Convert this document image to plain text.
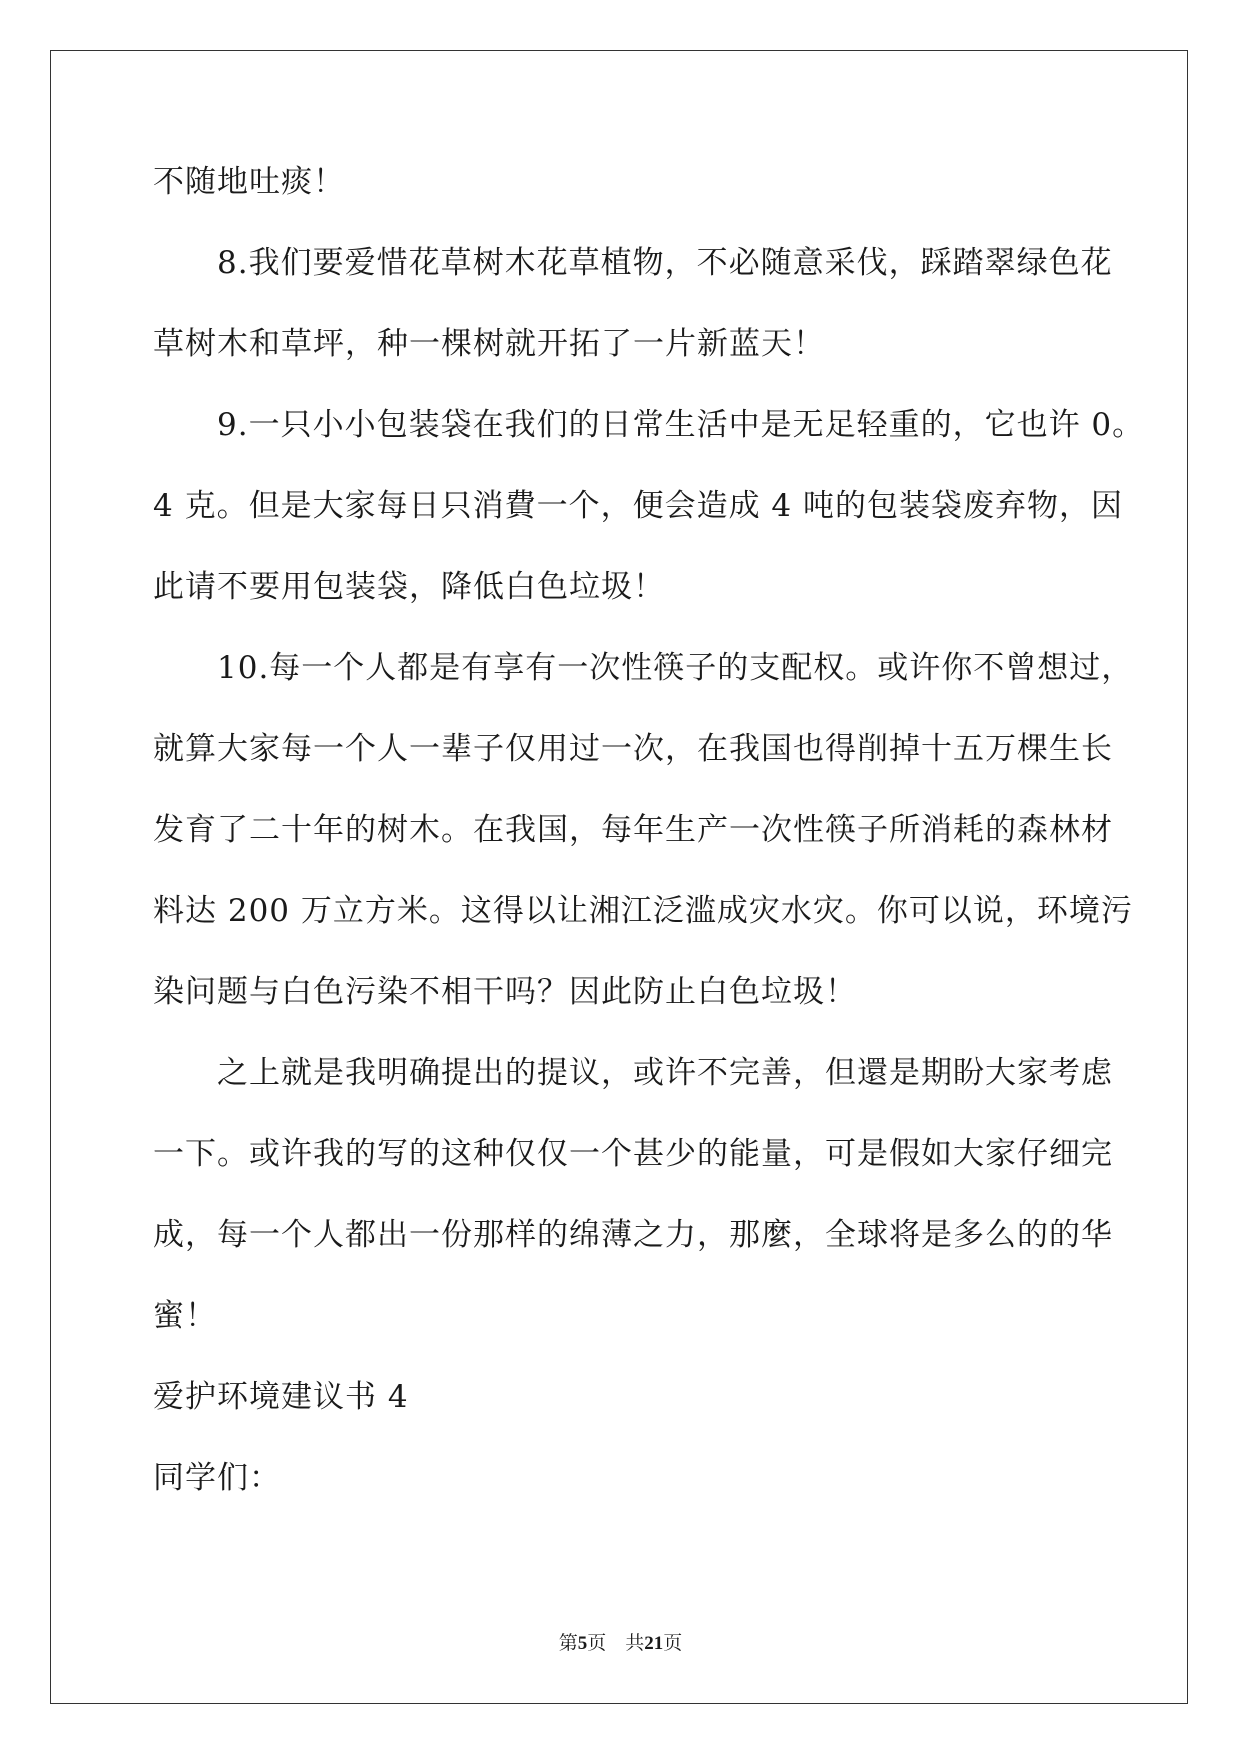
不随地吐痰！
　　8.我们要爱惜花草树木花草植物，不必随意采伐，踩踏翠绿色花
草树木和草坪，种一棵树就开拓了一片新蓝天！
　　9.一只小小包装袋在我们的日常生活中是无足轻重的，它也许 0。
4 克。但是大家每日只消費一个，便会造成 4 吨的包装袋废弃物，因
此请不要用包装袋，降低白色垃圾！
　　10.每一个人都是有享有一次性筷子的支配权。或许你不曾想过，
就算大家每一个人一辈子仅用过一次，在我国也得削掉十五万棵生长
发育了二十年的树木。在我国，每年生产一次性筷子所消耗的森林材
料达 200 万立方米。这得以让湘江泛滥成灾水灾。你可以说，环境污
染问题与白色污染不相干吗？因此防止白色垃圾！
　　之上就是我明确提出的提议，或许不完善，但還是期盼大家考虑
一下。或许我的写的这种仅仅一个甚少的能量，可是假如大家仔细完
成，每一个人都出一份那样的绵薄之力，那麼，全球将是多么的的华
蜜！
爱护环境建议书 4
同学们：
第5页　共21页
